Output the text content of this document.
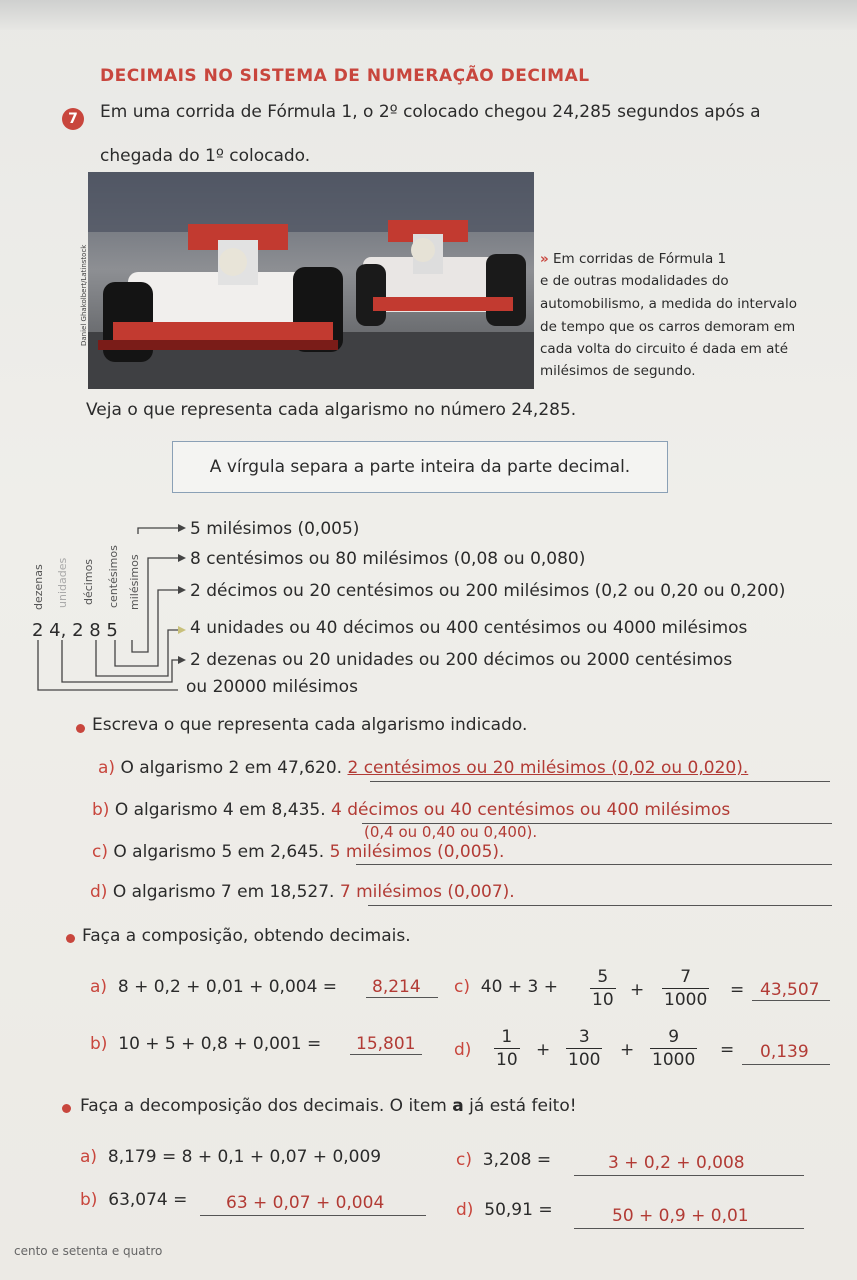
7
DECIMAIS NO SISTEMA DE NUMERAÇÃO DECIMAL
Em uma corrida de Fórmula 1, o 2º colocado chegou 24,285 segundos após a
chegada do 1º colocado.
Daniel Ghakolbert/Latinstock	» Em corridas de Fórmula 1
e de outras modalidades do
automobilismo, a medida do intervalo
de tempo que os carros demoram em
cada volta do circuito é dada em até
milésimos de segundo.
Veja o que representa cada algarismo no número 24,285.
A vírgula separa a parte inteira da parte decimal.
dezenas unidades décimos centésimos milésimos
2 4, 2 8 5
5 milésimos (0,005)
8 centésimos ou 80 milésimos (0,08 ou 0,080)
2 décimos ou 20 centésimos ou 200 milésimos (0,2 ou 0,20 ou 0,200)
4 unidades ou 40 décimos ou 400 centésimos ou 4000 milésimos
2 dezenas ou 20 unidades ou 200 décimos ou 2000 centésimos
ou 20000 milésimos
Escreva o que representa cada algarismo indicado.
a) O algarismo 2 em 47,620. 2 centésimos ou 20 milésimos (0,02 ou 0,020).
b) O algarismo 4 em 8,435. 4 décimos ou 40 centésimos ou 400 milésimos
(0,4 ou 0,40 ou 0,400).
c) O algarismo 5 em 2,645. 5 milésimos (0,005).
d) O algarismo 7 em 18,527. 7 milésimos (0,007).
Faça a composição, obtendo decimais.
a) 8 + 0,2 + 0,01 + 0,004 = 8,214 c) $40 + 3 + \frac{5}{10} + \frac{7}{1000} = 43,507$
b) 10 + 5 + 0,8 + 0,001 = 15,801 $d) \frac{1}{10} + \frac{3}{100} + \frac{9}{1000} = 0,139$
Faça a decomposição dos decimais. O item a já está feito!
a) 8,179 = 8 + 0,1 + 0,07 + 0,009	c) 3,208 =	3 + 0,2 + 0,008
b) 63,074 = 63 + 0,07 + 0,004	d) 50,91 =	50 + 0,9 + 0,01
cento e setenta e quatro
